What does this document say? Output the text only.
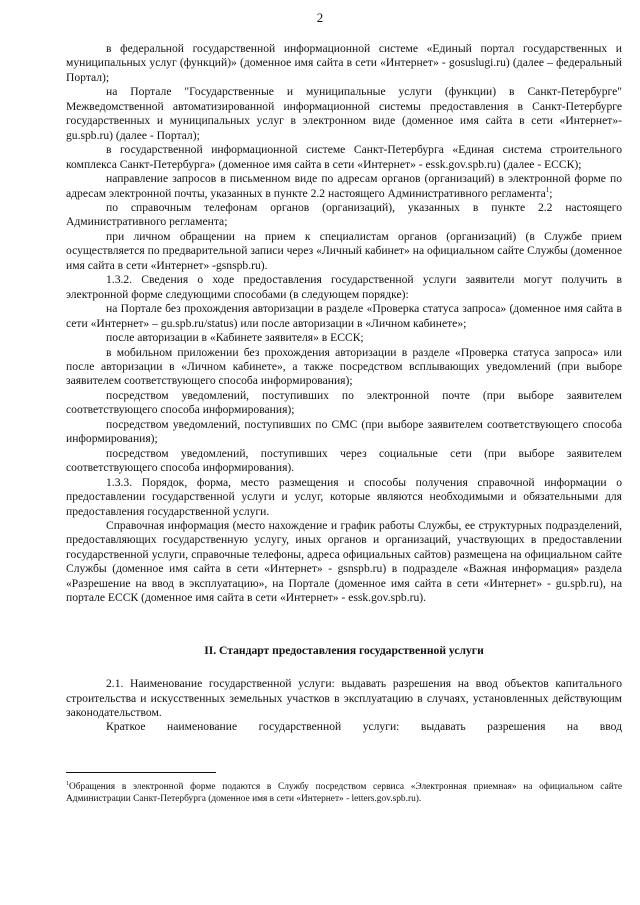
2

в федеральной государственной информационной системе «Единый портал государственных и муниципальных услуг (функций)» (доменное имя сайта в сети «Интернет» - gosuslugi.ru) (далее – федеральный Портал);

на Портале "Государственные и муниципальные услуги (функции) в Санкт-Петербурге" Межведомственной автоматизированной информационной системы предоставления в Санкт-Петербурге государственных и муниципальных услуг в электронном виде (доменное имя сайта в сети «Интернет»- gu.spb.ru) (далее - Портал);

в государственной информационной системе Санкт-Петербурга «Единая система строительного комплекса Санкт-Петербурга» (доменное имя сайта в сети «Интернет» - essk.gov.spb.ru) (далее - ЕССК);

направление запросов в письменном виде по адресам органов (организаций) в электронной форме по адресам электронной почты, указанных в пункте 2.2 настоящего Административного регламента$^1$;

по справочным телефонам органов (организаций), указанных в пункте 2.2 настоящего Административного регламента;

при личном обращении на прием к специалистам органов (организаций) (в Службе прием осуществляется по предварительной записи через «Личный кабинет» на официальном сайте Службы (доменное имя сайта в сети «Интернет» -gsnspb.ru).

1.3.2. Сведения о ходе предоставления государственной услуги заявители могут получить в электронной форме следующими способами (в следующем порядке):

на Портале без прохождения авторизации в разделе «Проверка статуса запроса» (доменное имя сайта в сети «Интернет» – gu.spb.ru/status) или после авторизации в «Личном кабинете»;

после авторизации в «Кабинете заявителя» в ЕССК;

в мобильном приложении без прохождения авторизации в разделе «Проверка статуса запроса» или после авторизации в «Личном кабинете», а также посредством всплывающих уведомлений (при выборе заявителем соответствующего способа информирования);

посредством уведомлений, поступивших по электронной почте (при выборе заявителем соответствующего способа информирования);

посредством уведомлений, поступивших по СМС (при выборе заявителем соответствующего способа информирования);

посредством уведомлений, поступивших через социальные сети (при выборе заявителем соответствующего способа информирования).

1.3.3. Порядок, форма, место размещения и способы получения справочной информации о предоставлении государственной услуги и услуг, которые являются необходимыми и обязательными для предоставления государственной услуги.

Справочная информация (место нахождение и график работы Службы, ее структурных подразделений, предоставляющих государственную услугу, иных органов и организаций, участвующих в предоставлении государственной услуги, справочные телефоны, адреса официальных сайтов) размещена на официальном сайте Службы (доменное имя сайта в сети «Интернет» - gsnspb.ru) в подразделе «Важная информация» раздела «Разрешение на ввод в эксплуатацию», на Портале (доменное имя сайта в сети «Интернет» - gu.spb.ru), на портале ЕССК (доменное имя сайта в сети «Интернет» - essk.gov.spb.ru).

II. Стандарт предоставления государственной услуги

2.1. Наименование государственной услуги: выдавать разрешения на ввод объектов капитального строительства и искусственных земельных участков в эксплуатацию в случаях, установленных действующим законодательством.

Краткое наименование государственной услуги: выдавать разрешения на ввод

$^1$Обращения в электронной форме подаются в Службу посредством сервиса «Электронная приемная» на официальном сайте Администрации Санкт-Петербурга (доменное имя в сети «Интернет» - letters.gov.spb.ru).
